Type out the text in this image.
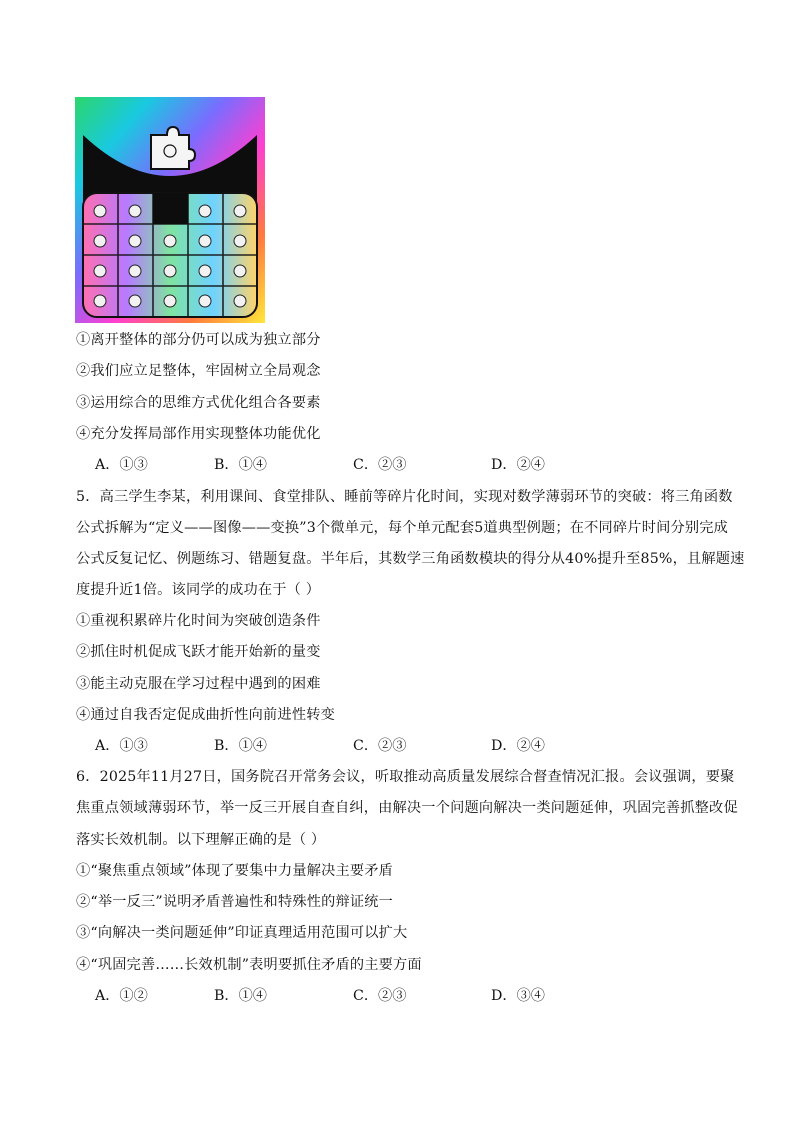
①离开整体的部分仍可以成为独立部分
②我们应立足整体，牢固树立全局观念
③运用综合的思维方式优化组合各要素
④充分发挥局部作用实现整体功能优化
A．①③	B．①④	C．②③	D．②④
5．高三学生李某，利用课间、食堂排队、睡前等碎片化时间，实现对数学薄弱环节的突破：将三角函数
公式拆解为“定义——图像——变换”3个微单元，每个单元配套5道典型例题；在不同碎片时间分别完成
公式反复记忆、例题练习、错题复盘。半年后，其数学三角函数模块的得分从40%提升至85%，且解题速
度提升近1倍。该同学的成功在于（ ）
①重视积累碎片化时间为突破创造条件
②抓住时机促成飞跃才能开始新的量变
③能主动克服在学习过程中遇到的困难
④通过自我否定促成曲折性向前进性转变
A．①③	B．①④	C．②③	D．②④
6．2025年11月27日，国务院召开常务会议，听取推动高质量发展综合督查情况汇报。会议强调，要聚
焦重点领域薄弱环节，举一反三开展自查自纠，由解决一个问题向解决一类问题延伸，巩固完善抓整改促
落实长效机制。以下理解正确的是（ ）
①“聚焦重点领域”体现了要集中力量解决主要矛盾
②“举一反三”说明矛盾普遍性和特殊性的辩证统一
③“向解决一类问题延伸”印证真理适用范围可以扩大
④“巩固完善……长效机制”表明要抓住矛盾的主要方面
A．①②	B．①④	C．②③	D．③④
